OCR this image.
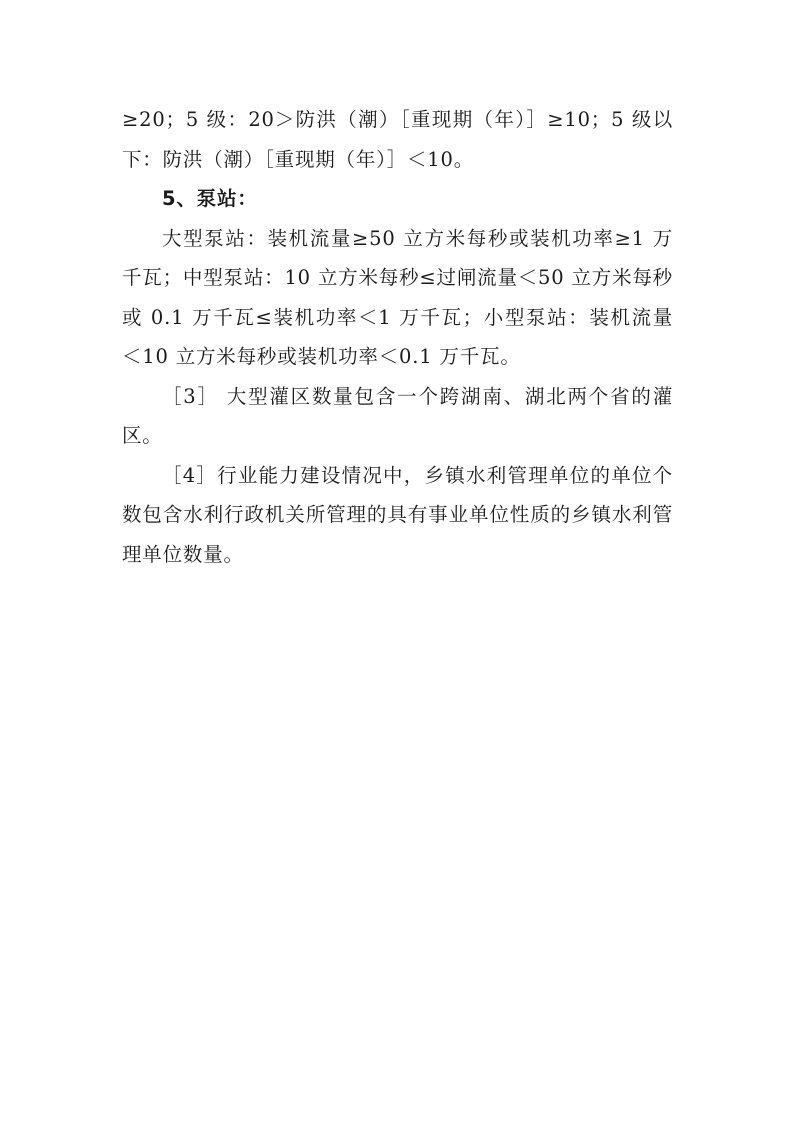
≥20；5 级：20＞防洪（潮）［重现期（年）］≥10；5 级以下：防洪（潮）［重现期（年）］＜10。

5、泵站：

大型泵站：装机流量≥50 立方米每秒或装机功率≥1 万千瓦；中型泵站：10 立方米每秒≤过闸流量＜50 立方米每秒或 0.1 万千瓦≤装机功率＜1 万千瓦；小型泵站：装机流量＜10 立方米每秒或装机功率＜0.1 万千瓦。

［3］ 大型灌区数量包含一个跨湖南、湖北两个省的灌区。

［4］行业能力建设情况中，乡镇水利管理单位的单位个数包含水利行政机关所管理的具有事业单位性质的乡镇水利管理单位数量。
